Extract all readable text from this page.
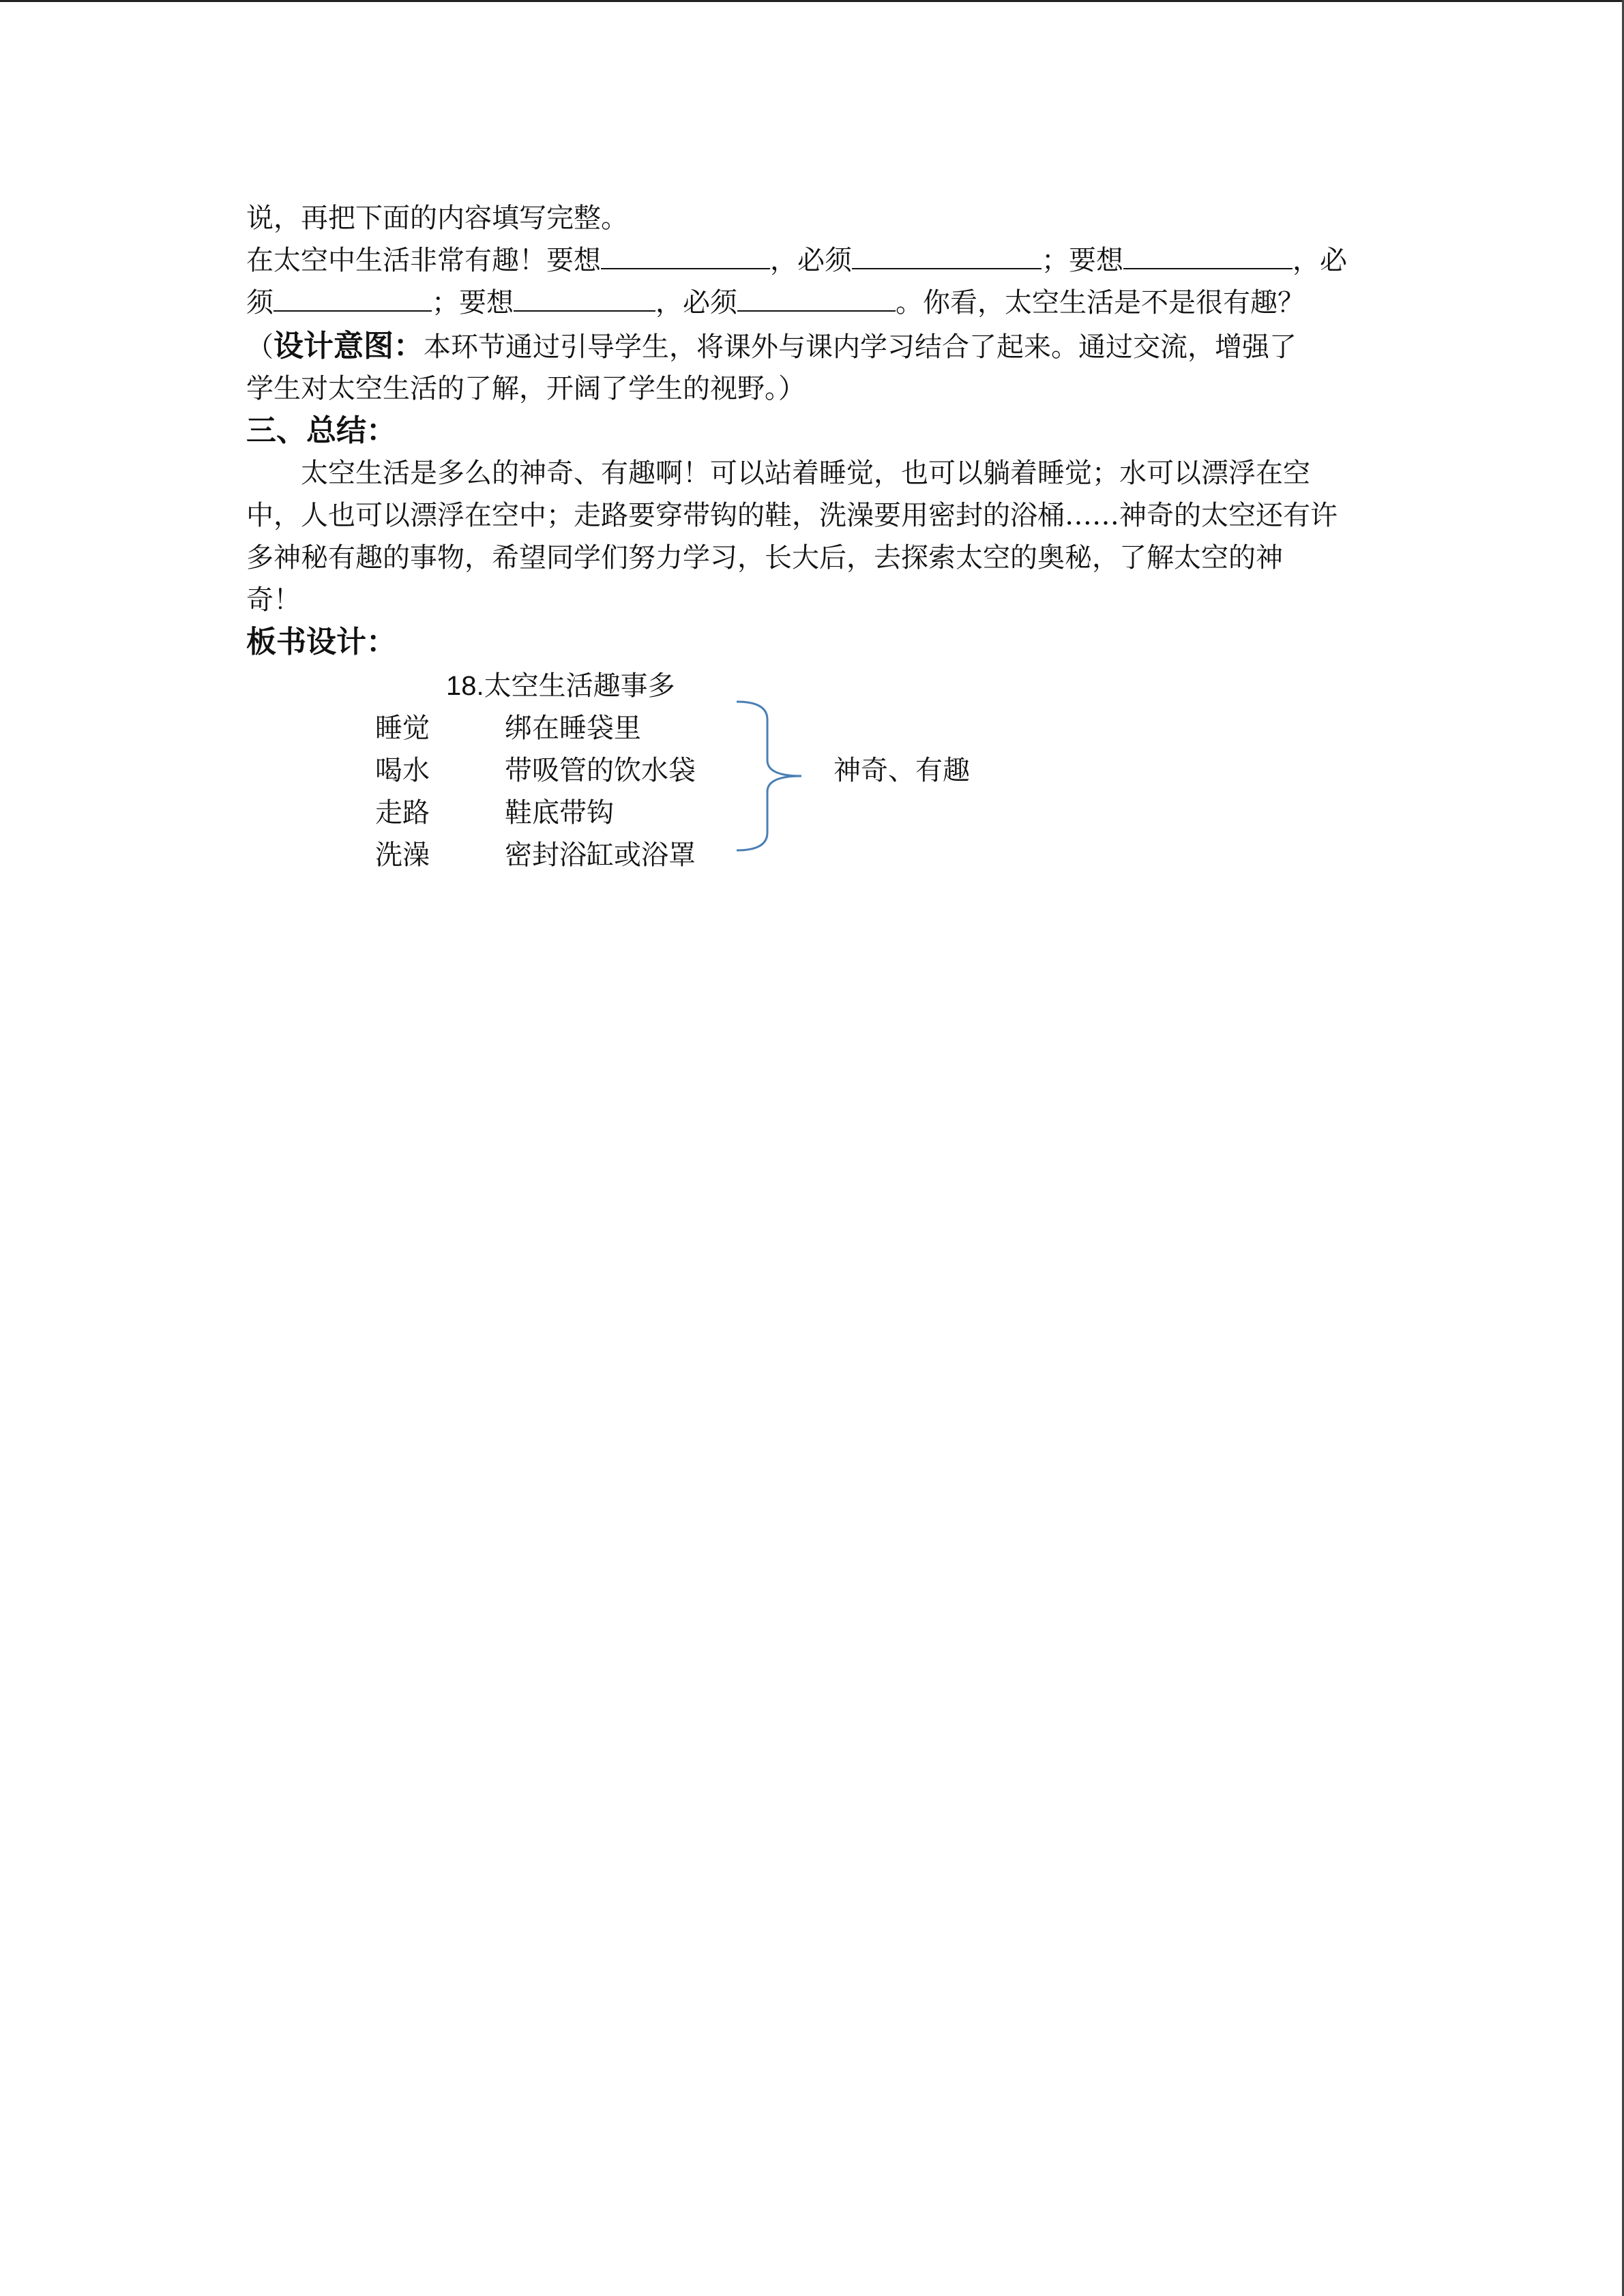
说，再把下面的内容填写完整。
在太空中生活非常有趣！要想	，必须	；要想	，必
须	；要想	，必须	。你看，太空生活是不是很有趣？
（设计意图：本环节通过引导学生，将课外与课内学习结合了起来。通过交流，增强了
学生对太空生活的了解，开阔了学生的视野。）
三、总结：
太空生活是多么的神奇、有趣啊！可以站着睡觉，也可以躺着睡觉；水可以漂浮在空
中，人也可以漂浮在空中；走路要穿带钩的鞋，洗澡要用密封的浴桶……神奇的太空还有许
多神秘有趣的事物，希望同学们努力学习，长大后，去探索太空的奥秘，了解太空的神
奇！
板书设计：
18.太空生活趣事多
睡觉	绑在睡袋里
喝水	带吸管的饮水袋
走路	鞋底带钩
洗澡	密封浴缸或浴罩
神奇、有趣
